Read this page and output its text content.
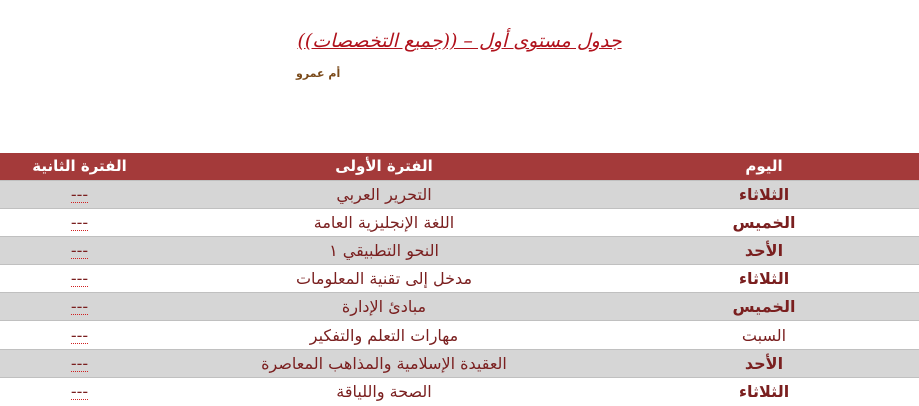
جدول مستوى أول – ((جميع التخصصات))
أم عمرو
اليوم	الفترة الأولى	الفترة الثانية
الثلاثاء	التحرير العربي	---
الخميس	اللغة الإنجليزية العامة	---
الأحد	النحو التطبيقي ١	---
الثلاثاء	مدخل إلى تقنية المعلومات	---
الخميس	مبادئ الإدارة	---
السبت	مهارات التعلم والتفكير	---
الأحد	العقيدة الإسلامية والمذاهب المعاصرة	---
الثلاثاء	الصحة واللياقة	---
